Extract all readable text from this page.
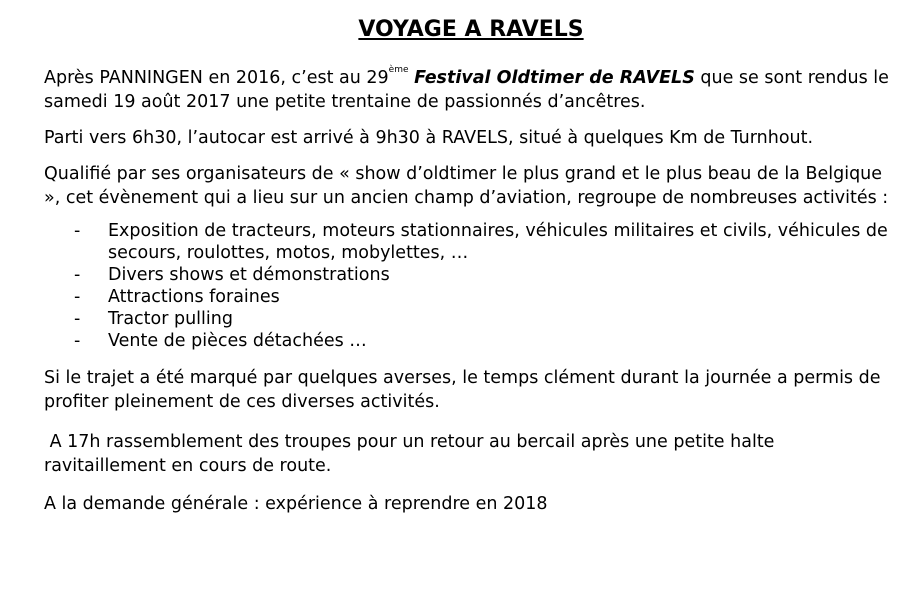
VOYAGE A RAVELS

Après PANNINGEN en 2016, c’est au 29ème Festival Oldtimer de RAVELS que se sont rendus le samedi 19 août 2017 une petite trentaine de passionnés d’ancêtres.

Parti vers 6h30, l’autocar est arrivé à 9h30 à RAVELS, situé à quelques Km de Turnhout.

Qualifié par ses organisateurs de « show d’oldtimer le plus grand et le plus beau de la Belgique », cet évènement qui a lieu sur un ancien champ d’aviation, regroupe de nombreuses activités :

-	Exposition de tracteurs, moteurs stationnaires, véhicules militaires et civils, véhicules de secours, roulottes, motos, mobylettes, …
-	Divers shows et démonstrations
-	Attractions foraines
-	Tractor pulling
-	Vente de pièces détachées …

Si le trajet a été marqué par quelques averses, le temps clément durant la journée a permis de profiter pleinement de ces diverses activités.

A 17h rassemblement des troupes pour un retour au bercail après une petite halte ravitaillement en cours de route.

A la demande générale : expérience à reprendre en 2018
